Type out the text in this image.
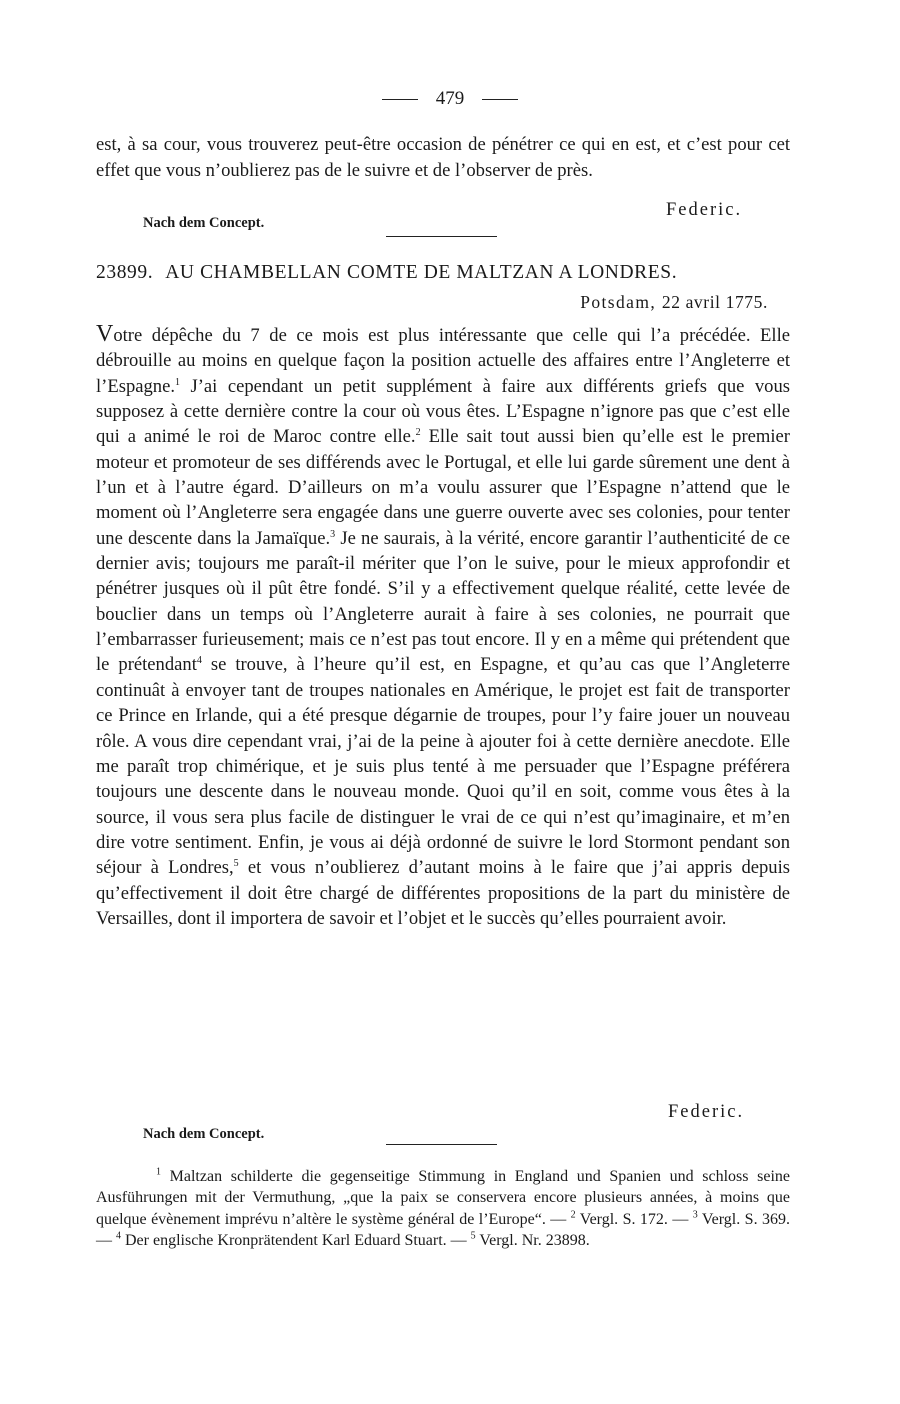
479

est, à sa cour, vous trouverez peut-être occasion de pénétrer ce qui en est, et c’est pour cet effet que vous n’oublierez pas de le suivre et de l’observer de près.

Federic.
Nach dem Concept.
23899. AU CHAMBELLAN COMTE DE MALTZAN A LONDRES.
Potsdam, 22 avril 1775.

Votre dépêche du 7 de ce mois est plus intéressante que celle qui l’a précédée. Elle débrouille au moins en quelque façon la position actuelle des affaires entre l’Angleterre et l’Espagne.$^1$ J’ai cependant un petit supplément à faire aux différents griefs que vous supposez à cette dernière contre la cour où vous êtes. L’Espagne n’ignore pas que c’est elle qui a animé le roi de Maroc contre elle.$^2$ Elle sait tout aussi bien qu’elle est le premier moteur et promoteur de ses différends avec le Portugal, et elle lui garde sûrement une dent à l’un et à l’autre égard. D’ailleurs on m’a voulu assurer que l’Espagne n’attend que le moment où l’Angleterre sera engagée dans une guerre ouverte avec ses colonies, pour tenter une descente dans la Jamaïque.$^3$ Je ne saurais, à la vérité, encore garantir l’authenticité de ce dernier avis; toujours me paraît-il mériter que l’on le suive, pour le mieux approfondir et pénétrer jusques où il pût être fondé. S’il y a effectivement quelque réalité, cette levée de bouclier dans un temps où l’Angleterre aurait à faire à ses colonies, ne pourrait que l’embarrasser furieusement; mais ce n’est pas tout encore. Il y en a même qui prétendent que le prétendant$^4$ se trouve, à l’heure qu’il est, en Espagne, et qu’au cas que l’Angleterre continuât à envoyer tant de troupes nationales en Amérique, le projet est fait de transporter ce Prince en Irlande, qui a été presque dégarnie de troupes, pour l’y faire jouer un nouveau rôle. A vous dire cependant vrai, j’ai de la peine à ajouter foi à cette dernière anecdote. Elle me paraît trop chimérique, et je suis plus tenté à me persuader que l’Espagne préférera toujours une descente dans le nouveau monde. Quoi qu’il en soit, comme vous êtes à la source, il vous sera plus facile de distinguer le vrai de ce qui n’est qu’imaginaire, et m’en dire votre sentiment. Enfin, je vous ai déjà ordonné de suivre le lord Stormont pendant son séjour à Londres,$^5$ et vous n’oublierez d’autant moins à le faire que j’ai appris depuis qu’effectivement il doit être chargé de différentes propositions de la part du ministère de Versailles, dont il importera de savoir et l’objet et le succès qu’elles pourraient avoir.

Federic.
Nach dem Concept.

$^1$ Maltzan schilderte die gegenseitige Stimmung in England und Spanien und schloss seine Ausführungen mit der Vermuthung, „que la paix se conservera encore plusieurs années, à moins que quelque évènement imprévu n’altère le système général de l’Europe“. — $^2$ Vergl. S. 172. — $^3$ Vergl. S. 369. — $^4$ Der englische Kronprätendent Karl Eduard Stuart. — $^5$ Vergl. Nr. 23898.
